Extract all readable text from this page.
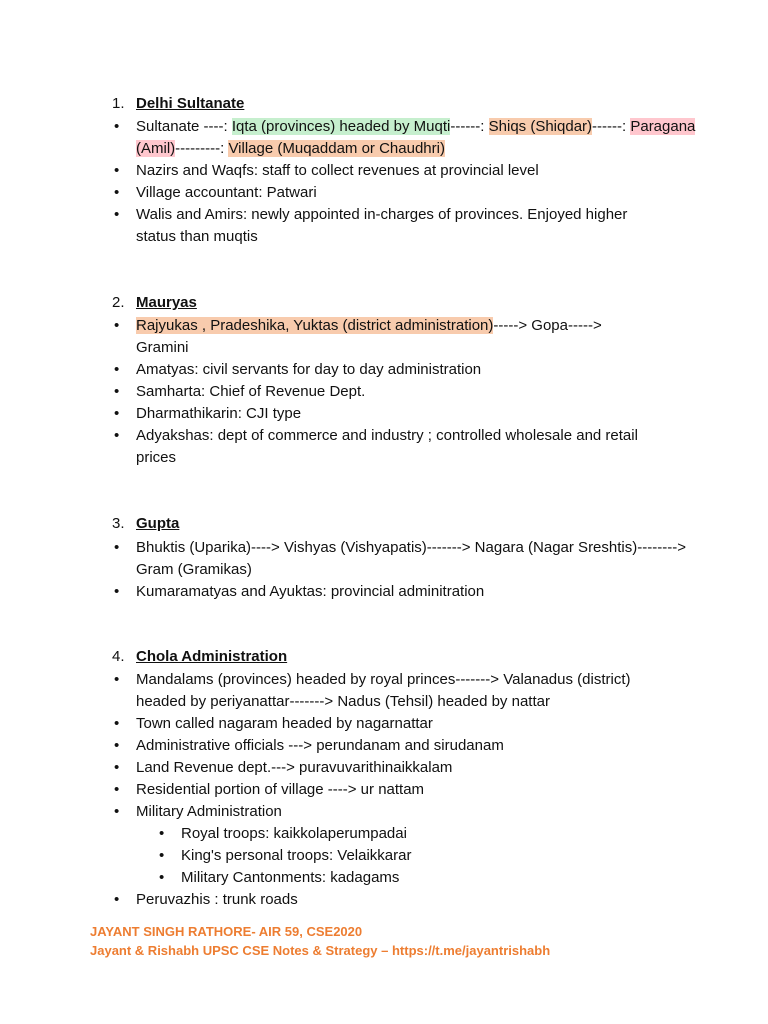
1. Delhi Sultanate
• Sultanate ----: Iqta (provinces) headed by Muqti------: Shiqs (Shiqdar)------: Paragana (Amil)---------: Village (Muqaddam or Chaudhri)
• Nazirs and Waqfs: staff to collect revenues at provincial level
• Village accountant: Patwari
• Walis and Amirs: newly appointed in-charges of provinces. Enjoyed higher status than muqtis
2. Mauryas
• Rajyukas , Pradeshika, Yuktas (district administration)-----> Gopa-----> Gramini
• Amatyas: civil servants for day to day administration
• Samharta: Chief of Revenue Dept.
• Dharmathikarin: CJI type
• Adyakshas: dept of commerce and industry ; controlled wholesale and retail prices
3. Gupta
• Bhuktis (Uparika)----> Vishyas (Vishyapatis)-------> Nagara (Nagar Sreshtis)--------> Gram (Gramikas)
• Kumaramatyas and Ayuktas: provincial adminitration
4. Chola Administration
• Mandalams (provinces) headed by royal princes-------> Valanadus (district) headed by periyanattar-------> Nadus (Tehsil) headed by nattar
• Town called nagaram headed by nagarnattar
• Administrative officials ---> perundanam and sirudanam
• Land Revenue dept.---> puravuvarithinaikkalam
• Residential portion of village ----> ur nattam
• Military Administration
• Royal troops: kaikkolaperumpadai
• King's personal troops: Velaikkarar
• Military Cantonments: kadagams
• Peruvazhis : trunk roads
JAYANT SINGH RATHORE- AIR 59, CSE2020
Jayant & Rishabh UPSC CSE Notes & Strategy – https://t.me/jayantrishabh
